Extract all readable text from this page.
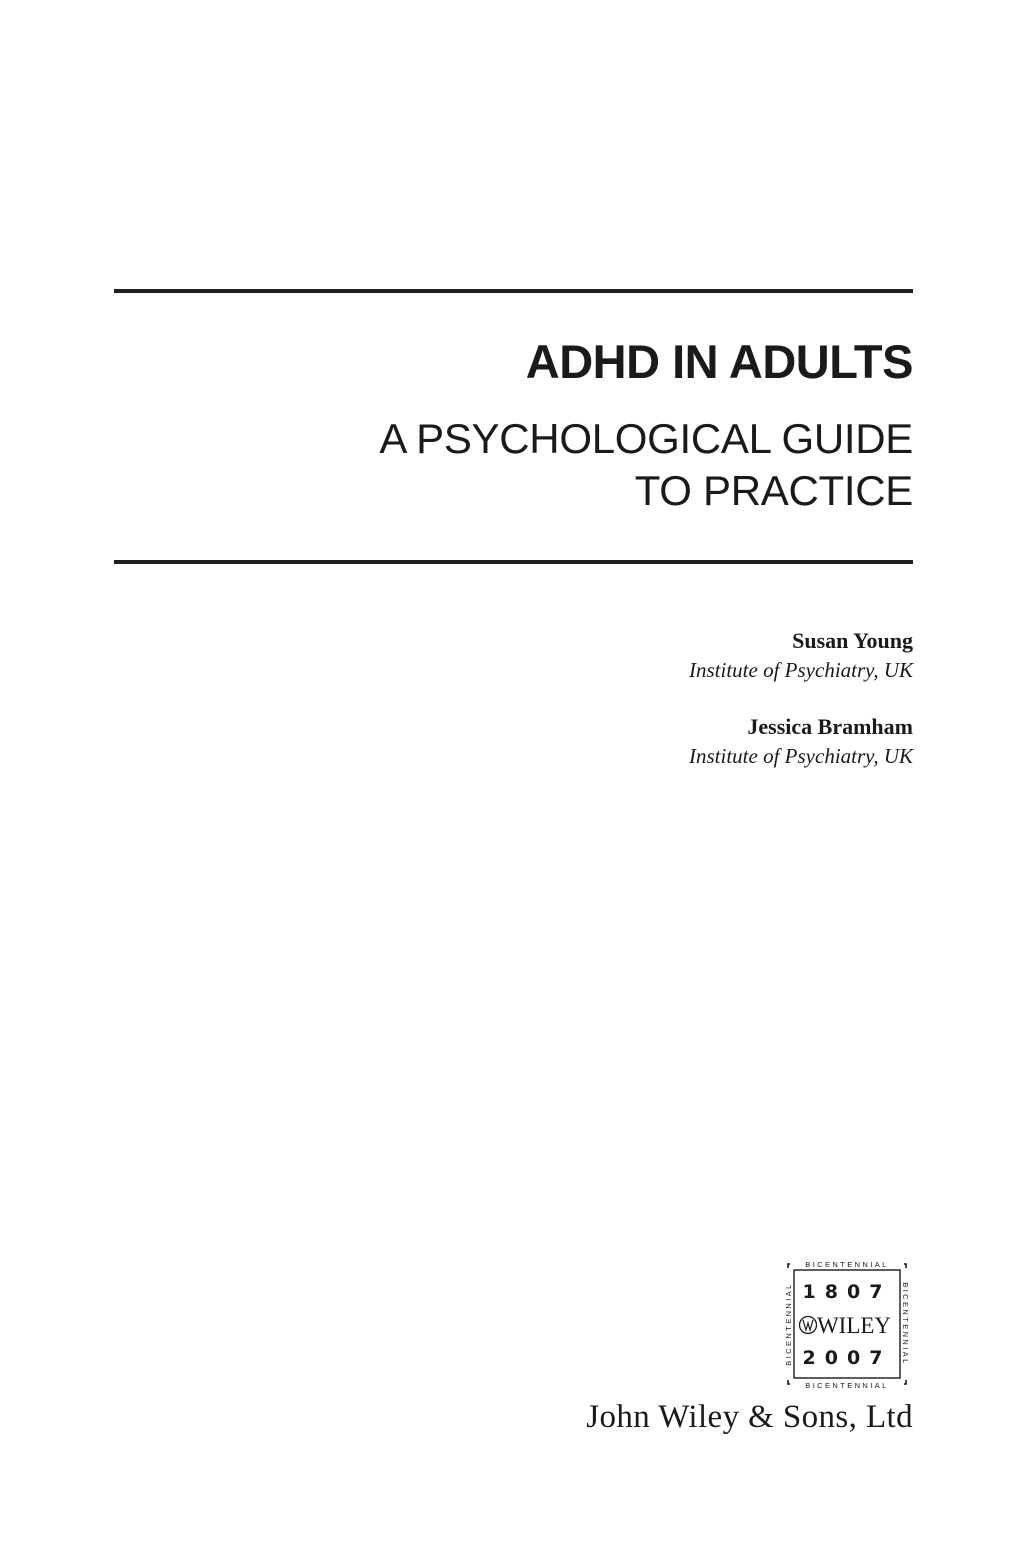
ADHD IN ADULTS
A PSYCHOLOGICAL GUIDE
TO PRACTICE
Susan Young
Institute of Psychiatry, UK
Jessica Bramham
Institute of Psychiatry, UK
BICENTENNIAL
BICENTENNIAL
BICENTENNIAL	BICENTENNIAL
1807
WILEY
2007
John Wiley & Sons, Ltd
